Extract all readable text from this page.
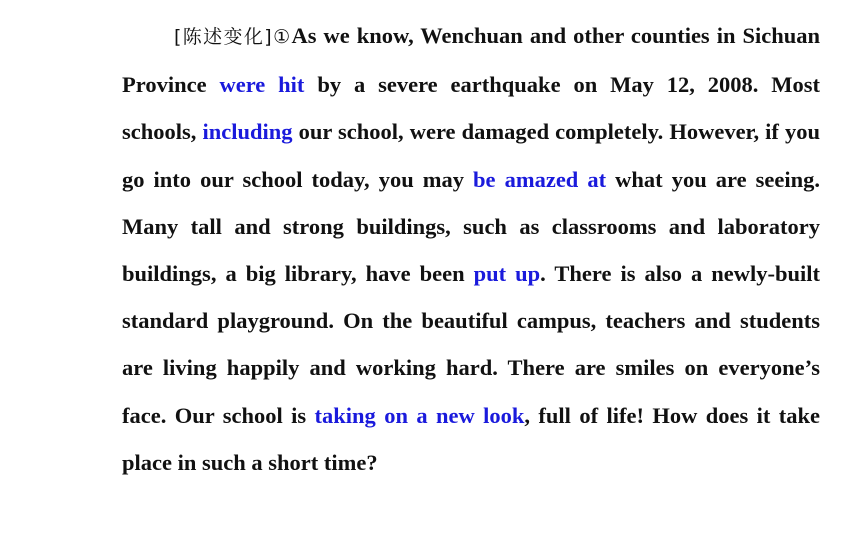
[陈述变化]①As we know, Wenchuan and other counties in Sichuan Province were hit by a severe earthquake on May 12, 2008. Most schools, including our school, were damaged completely. However, if you go into our school today, you may be amazed at what you are seeing. Many tall and strong buildings, such as classrooms and laboratory buildings, a big library, have been put up. There is also a newly-built standard playground. On the beautiful campus, teachers and students are living happily and working hard. There are smiles on everyone’s face. Our school is taking on a new look, full of life! How does it take place in such a short time?
